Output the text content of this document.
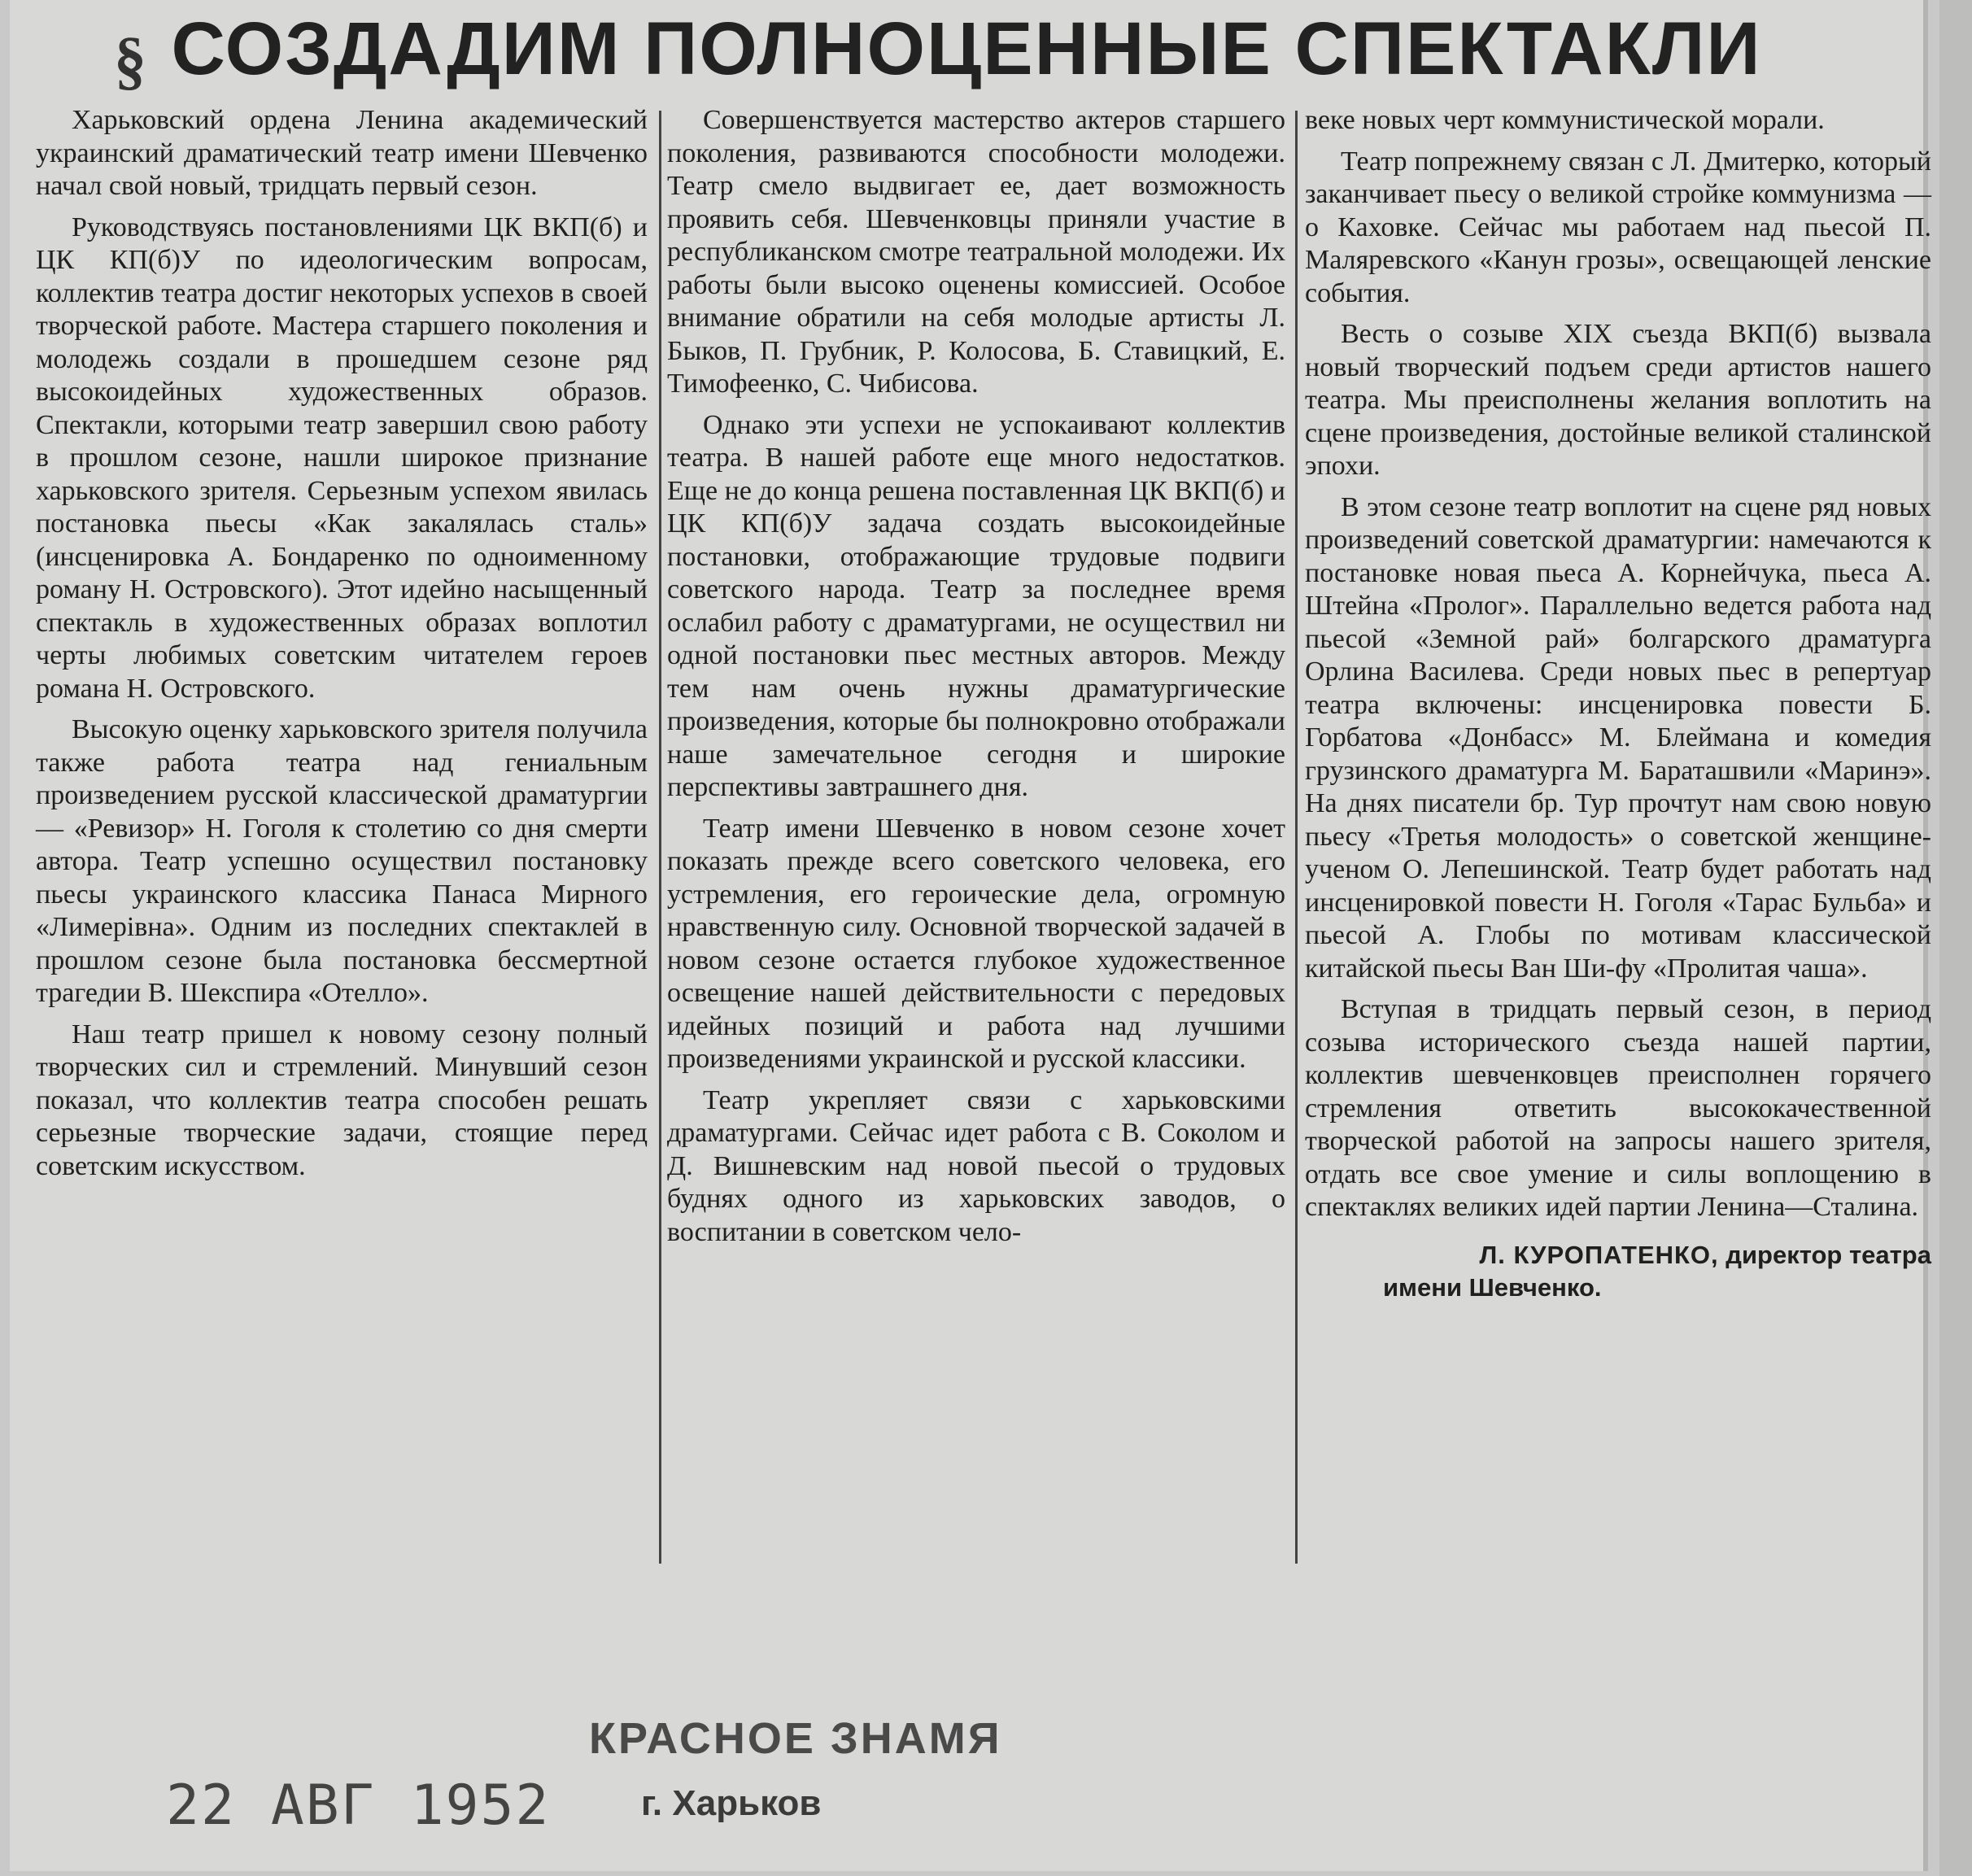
§ СОЗДАДИМ ПОЛНОЦЕННЫЕ СПЕКТАКЛИ

Харьковский ордена Ленина академический украинский драматический театр имени Шевченко начал свой новый, тридцать первый сезон.

Руководствуясь постановлениями ЦК ВКП(б) и ЦК КП(б)У по идеологическим вопросам, коллектив театра достиг некоторых успехов в своей творческой работе. Мастера старшего поколения и молодежь создали в прошедшем сезоне ряд высокоидейных художественных образов. Спектакли, которыми театр завершил свою работу в прошлом сезоне, нашли широкое признание харьковского зрителя. Серьезным успехом явилась постановка пьесы «Как закалялась сталь» (инсценировка А. Бондаренко по одноименному роману Н. Островского). Этот идейно насыщенный спектакль в художественных образах воплотил черты любимых советским читателем героев романа Н. Островского.

Высокую оценку харьковского зрителя получила также работа театра над гениальным произведением русской классической драматургии — «Ревизор» Н. Гоголя к столетию со дня смерти автора. Театр успешно осуществил постановку пьесы украинского классика Панаса Мирного «Лимерівна». Одним из последних спектаклей в прошлом сезоне была постановка бессмертной трагедии В. Шекспира «Отелло».

Наш театр пришел к новому сезону полный творческих сил и стремлений. Минувший сезон показал, что коллектив театра способен решать серьезные творческие задачи, стоящие перед советским искусством.

Совершенствуется мастерство актеров старшего поколения, развиваются способности молодежи. Театр смело выдвигает ее, дает возможность проявить себя. Шевченковцы приняли участие в республиканском смотре театральной молодежи. Их работы были высоко оценены комиссией. Особое внимание обратили на себя молодые артисты Л. Быков, П. Грубник, Р. Колосова, Б. Ставицкий, Е. Тимофеенко, С. Чибисова.

Однако эти успехи не успокаивают коллектив театра. В нашей работе еще много недостатков. Еще не до конца решена поставленная ЦК ВКП(б) и ЦК КП(б)У задача создать высокоидейные постановки, отображающие трудовые подвиги советского народа. Театр за последнее время ослабил работу с драматургами, не осуществил ни одной постановки пьес местных авторов. Между тем нам очень нужны драматургические произведения, которые бы полнокровно отображали наше замечательное сегодня и широкие перспективы завтрашнего дня.

Театр имени Шевченко в новом сезоне хочет показать прежде всего советского человека, его устремления, его героические дела, огромную нравственную силу. Основной творческой задачей в новом сезоне остается глубокое художественное освещение нашей действительности с передовых идейных позиций и работа над лучшими произведениями украинской и русской классики.

Театр укрепляет связи с харьковскими драматургами. Сейчас идет работа с В. Соколом и Д. Вишневским над новой пьесой о трудовых буднях одного из харьковских заводов, о воспитании в советском чело-

веке новых черт коммунистической морали.

Театр попрежнему связан с Л. Дмитерко, который заканчивает пьесу о великой стройке коммунизма — о Каховке. Сейчас мы работаем над пьесой П. Маляревского «Канун грозы», освещающей ленские события.

Весть о созыве XIX съезда ВКП(б) вызвала новый творческий подъем среди артистов нашего театра. Мы преисполнены желания воплотить на сцене произведения, достойные великой сталинской эпохи.

В этом сезоне театр воплотит на сцене ряд новых произведений советской драматургии: намечаются к постановке новая пьеса А. Корнейчука, пьеса А. Штейна «Пролог». Параллельно ведется работа над пьесой «Земной рай» болгарского драматурга Орлина Василева. Среди новых пьес в репертуар театра включены: инсценировка повести Б. Горбатова «Донбасс» М. Блеймана и комедия грузинского драматурга М. Бараташвили «Маринэ». На днях писатели бр. Тур прочтут нам свою новую пьесу «Третья молодость» о советской женщине-ученом О. Лепешинской. Театр будет работать над инсценировкой повести Н. Гоголя «Тарас Бульба» и пьесой А. Глобы по мотивам классической китайской пьесы Ван Ши-фу «Пролитая чаша».

Вступая в тридцать первый сезон, в период созыва исторического съезда нашей партии, коллектив шевченковцев преисполнен горячего стремления ответить высококачественной творческой работой на запросы нашего зрителя, отдать все свое умение и силы воплощению в спектаклях великих идей партии Ленина—Сталина.

Л. КУРОПАТЕНКО, директор театра
имени Шевченко.
КРАСНОЕ ЗНАМЯ
г. Харьков
22 АВГ 1952
